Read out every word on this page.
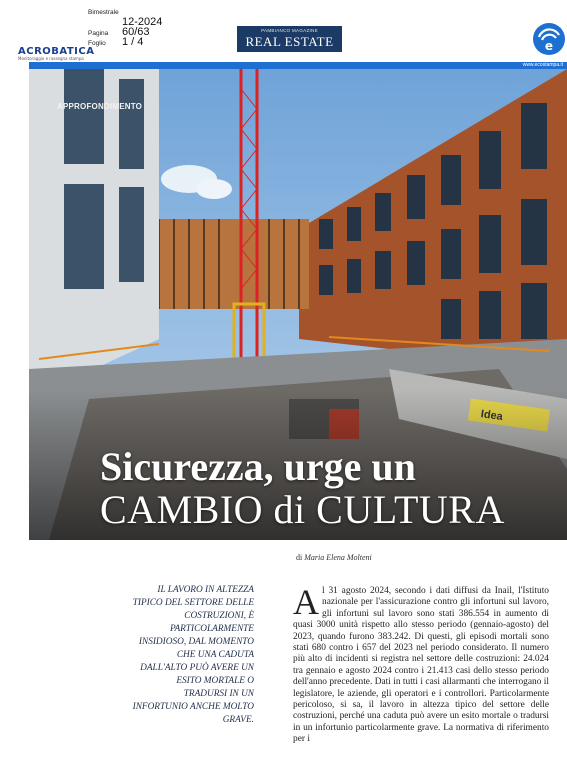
Bimestrale
12-2024
Pagina	60/63
Foglio	1 / 4
ACROBATICA
Monitoraggio e rassegna stampa
PAMBIANCO MAGAZINE
REAL ESTATE	e
www.ecostampa.it
APPROFONDIMENTO
Sicurezza, urge un
CAMBIO di CULTURA
di Maria Elena Molteni
IL LAVORO IN ALTEZZA TIPICO DEL SETTORE DELLE COSTRUZIONI, È PARTICOLARMENTE INSIDIOSO, DAL MOMENTO CHE UNA CADUTA DALL'ALTO PUÒ AVERE UN ESITO MORTALE O TRADURSI IN UN INFORTUNIO ANCHE MOLTO GRAVE.
Al 31 agosto 2024, secondo i dati diffusi da Inail, l'Istituto nazionale per l'assicurazione contro gli infortuni sul lavoro, gli infortuni sul lavoro sono stati 386.554 in aumento di quasi 3000 unità rispetto allo stesso periodo (gennaio-agosto) del 2023, quando furono 383.242. Di questi, gli episodi mortali sono stati 680 contro i 657 del 2023 nel periodo considerato. Il numero più alto di incidenti si registra nel settore delle costruzioni: 24.024 tra gennaio e agosto 2024 contro i 21.413 casi dello stesso periodo dell'anno precedente. Dati in tutti i casi allarmanti che interrogano il legislatore, le aziende, gli operatori e i controllori. Particolarmente pericoloso, si sa, il lavoro in altezza tipico del settore delle costruzioni, perché una caduta può avere un esito mortale o tradursi in un infortunio particolarmente grave. La normativa di riferimento per i
